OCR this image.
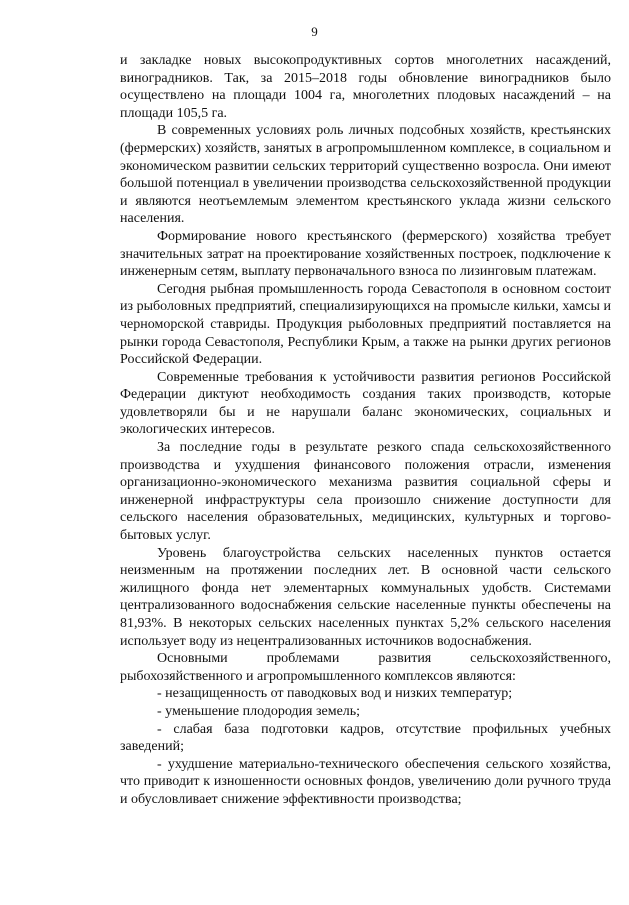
9

и закладке новых высокопродуктивных сортов многолетних насаждений, виноградников. Так, за 2015–2018 годы обновление виноградников было осуществлено на площади 1004 га, многолетних плодовых насаждений – на площади 105,5 га.

В современных условиях роль личных подсобных хозяйств, крестьянских (фермерских) хозяйств, занятых в агропромышленном комплексе, в социальном и экономическом развитии сельских территорий существенно возросла. Они имеют большой потенциал в увеличении производства сельскохозяйственной продукции и являются неотъемлемым элементом крестьянского уклада жизни сельского населения.

Формирование нового крестьянского (фермерского) хозяйства требует значительных затрат на проектирование хозяйственных построек, подключение к инженерным сетям, выплату первоначального взноса по лизинговым платежам.

Сегодня рыбная промышленность города Севастополя в основном состоит из рыболовных предприятий, специализирующихся на промысле кильки, хамсы и черноморской ставриды. Продукция рыболовных предприятий поставляется на рынки города Севастополя, Республики Крым, а также на рынки других регионов Российской Федерации.

Современные требования к устойчивости развития регионов Российской Федерации диктуют необходимость создания таких производств, которые удовлетворяли бы и не нарушали баланс экономических, социальных и экологических интересов.

За последние годы в результате резкого спада сельскохозяйственного производства и ухудшения финансового положения отрасли, изменения организационно-экономического механизма развития социальной сферы и инженерной инфраструктуры села произошло снижение доступности для сельского населения образовательных, медицинских, культурных и торгово-бытовых услуг.

Уровень благоустройства сельских населенных пунктов остается неизменным на протяжении последних лет. В основной части сельского жилищного фонда нет элементарных коммунальных удобств. Системами централизованного водоснабжения сельские населенные пункты обеспечены на 81,93%. В некоторых сельских населенных пунктах 5,2% сельского населения использует воду из нецентрализованных источников водоснабжения.

Основными проблемами развития сельскохозяйственного, рыбохозяйственного и агропромышленного комплексов являются:

- незащищенность от паводковых вод и низких температур;

- уменьшение плодородия земель;

- слабая база подготовки кадров, отсутствие профильных учебных заведений;

- ухудшение материально-технического обеспечения сельского хозяйства, что приводит к изношенности основных фондов, увеличению доли ручного труда и обусловливает снижение эффективности производства;
